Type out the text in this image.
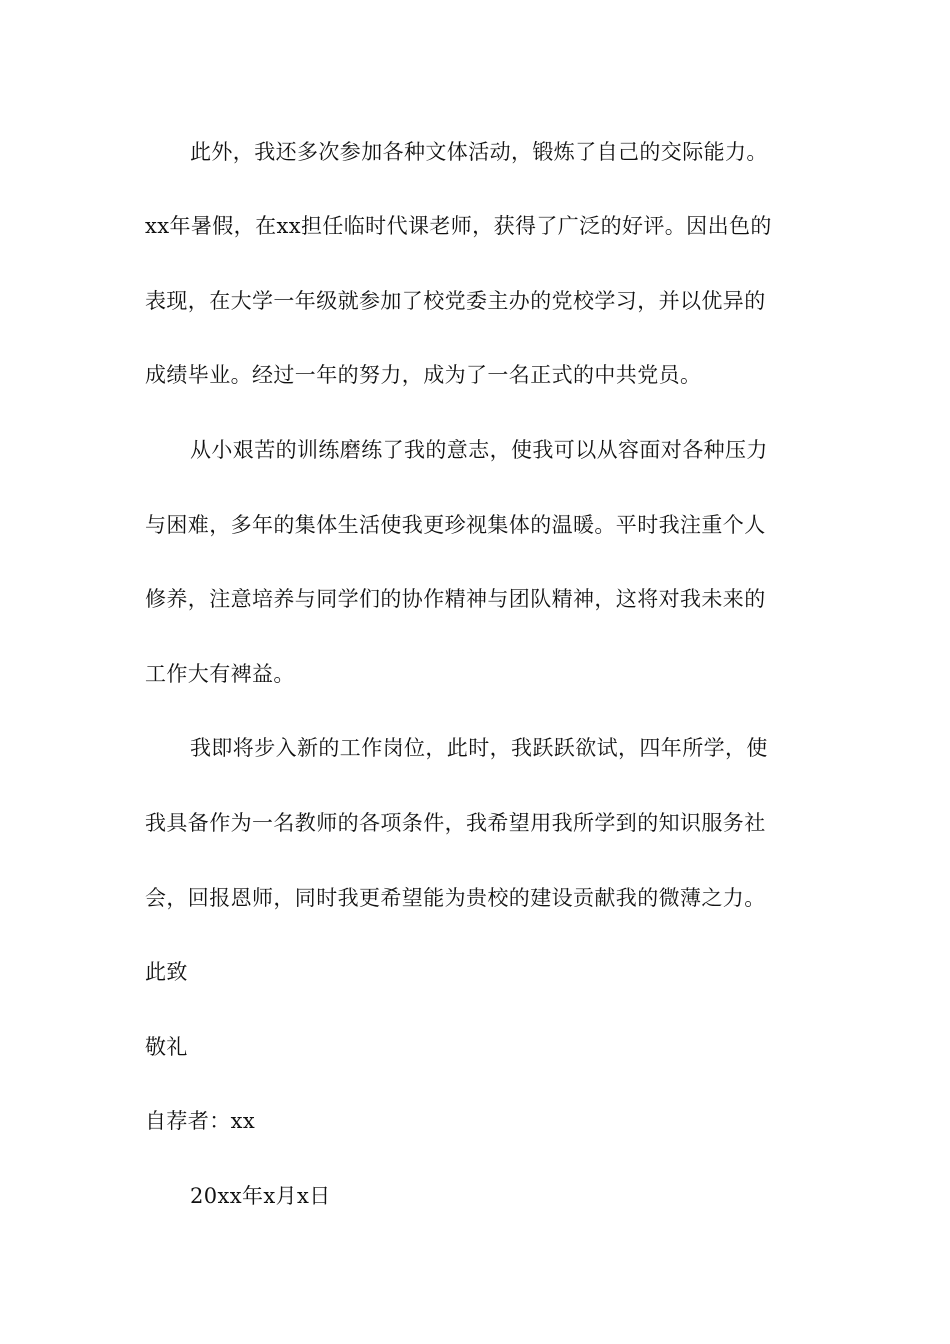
此外，我还多次参加各种文体活动，锻炼了自己的交际能力。
xx年暑假，在xx担任临时代课老师，获得了广泛的好评。因出色的
表现，在大学一年级就参加了校党委主办的党校学习，并以优异的
成绩毕业。经过一年的努力，成为了一名正式的中共党员。
从小艰苦的训练磨练了我的意志，使我可以从容面对各种压力
与困难，多年的集体生活使我更珍视集体的温暖。平时我注重个人
修养，注意培养与同学们的协作精神与团队精神，这将对我未来的
工作大有裨益。
我即将步入新的工作岗位，此时，我跃跃欲试，四年所学，使
我具备作为一名教师的各项条件，我希望用我所学到的知识服务社
会，回报恩师，同时我更希望能为贵校的建设贡献我的微薄之力。
此致
敬礼
自荐者：xx
20xx年x月x日
